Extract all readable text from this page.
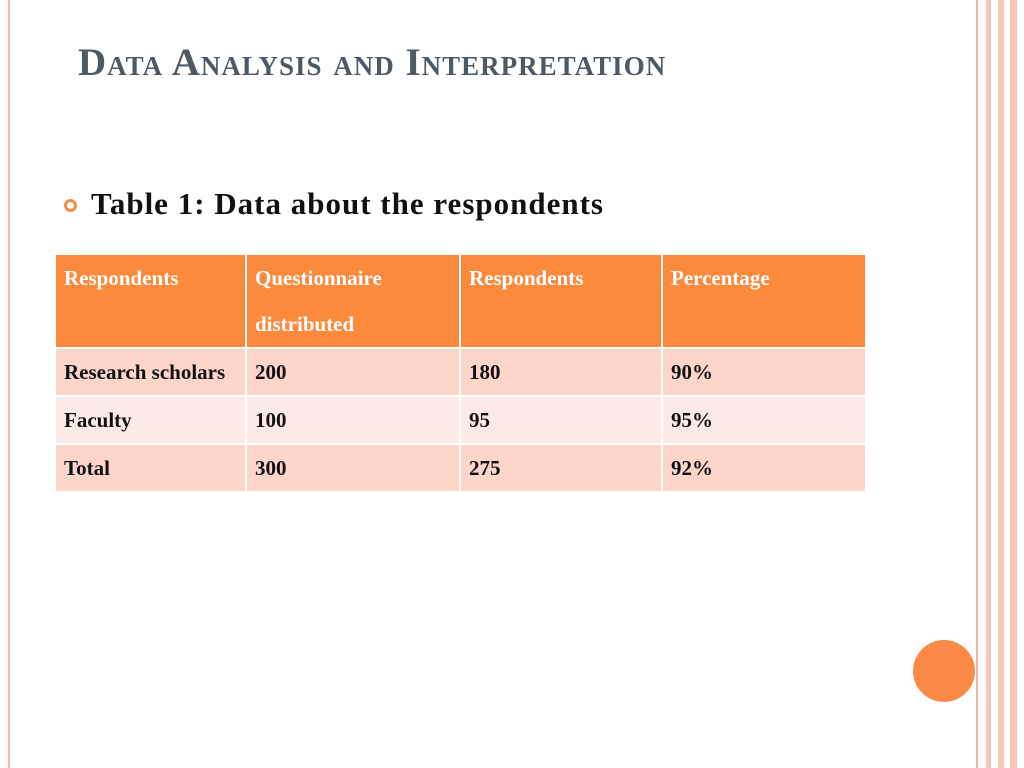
Data Analysis and Interpretation
Table 1: Data about the respondents
Respondents	Questionnaire distributed	Respondents	Percentage
Research scholars	200	180	90%
Faculty	100	95	95%
Total	300	275	92%
